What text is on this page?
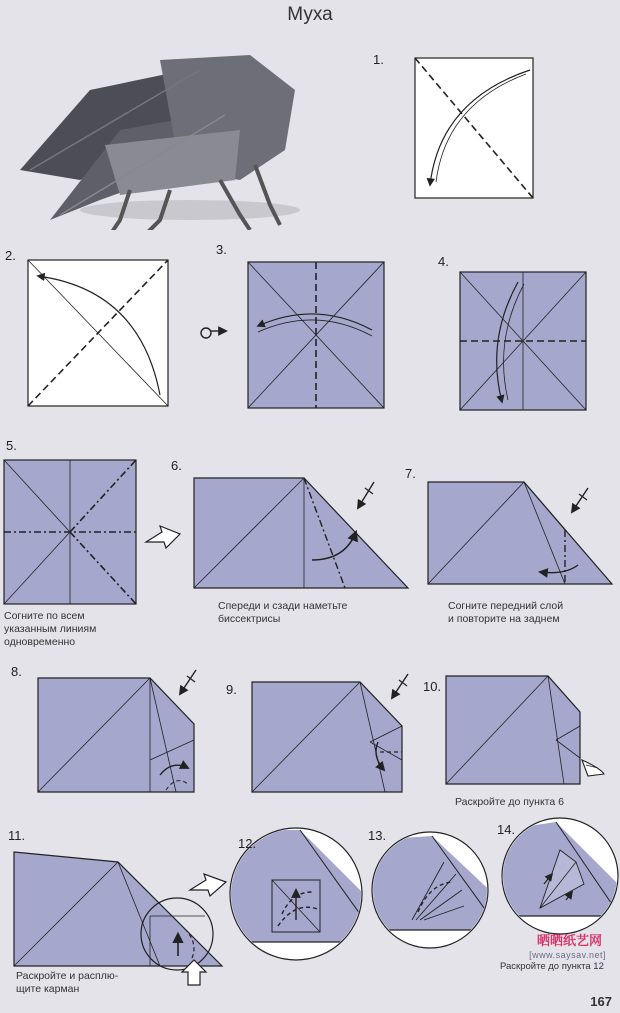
Муха
1.
2.	3.
4.
5.
6.
7.
8.
9.	10.
11.
12.
13.	14.
Согните по всем
указанным линиям
одновременно
Спереди и сзади наметьте
биссектрисы
Согните передний слой
и повторите на заднем
Раскройте до пункта 6
Раскройте и расплю-
щите карман
Раскройте до пункта 12
晒晒纸艺网
[www.saysav.net]
167
